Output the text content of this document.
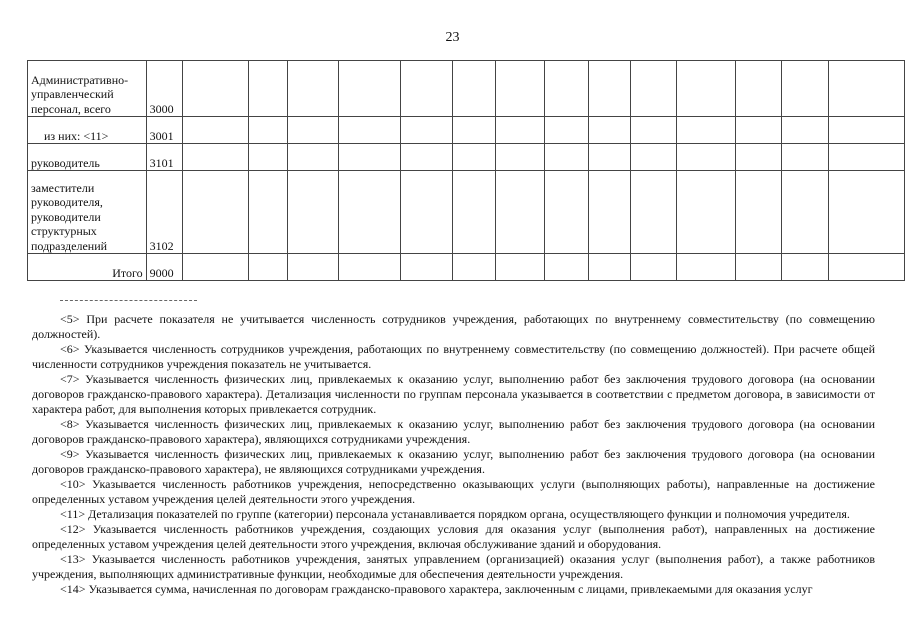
23
Административно-
управленческий
персонал, всего	3000														
из них: <11>	3001														
руководитель	3101														
заместители
руководителя,
руководители
структурных
подразделений	3102														
Итого	9000														

<5> При расчете показателя не учитывается численность сотрудников учреждения, работающих по внутреннему совместительству (по совмещению должностей).

<6> Указывается численность сотрудников учреждения, работающих по внутреннему совместительству (по совмещению должностей). При расчете общей численности сотрудников учреждения показатель не учитывается.

<7> Указывается численность физических лиц, привлекаемых к оказанию услуг, выполнению работ без заключения трудового договора (на основании договоров гражданско-правового характера). Детализация численности по группам персонала указывается в соответствии с предметом договора, в зависимости от характера работ, для выполнения которых привлекается сотрудник.

<8> Указывается численность физических лиц, привлекаемых к оказанию услуг, выполнению работ без заключения трудового договора (на основании договоров гражданско-правового характера), являющихся сотрудниками учреждения.

<9> Указывается численность физических лиц, привлекаемых к оказанию услуг, выполнению работ без заключения трудового договора (на основании договоров гражданско-правового характера), не являющихся сотрудниками учреждения.

<10> Указывается численность работников учреждения, непосредственно оказывающих услуги (выполняющих работы), направленные на достижение определенных уставом учреждения целей деятельности этого учреждения.

<11> Детализация показателей по группе (категории) персонала устанавливается порядком органа, осуществляющего функции и полномочия учредителя.

<12> Указывается численность работников учреждения, создающих условия для оказания услуг (выполнения работ), направленных на достижение определенных уставом учреждения целей деятельности этого учреждения, включая обслуживание зданий и оборудования.

<13> Указывается численность работников учреждения, занятых управлением (организацией) оказания услуг (выполнения работ), а также работников учреждения, выполняющих административные функции, необходимые для обеспечения деятельности учреждения.

<14> Указывается сумма, начисленная по договорам гражданско-правового характера, заключенным с лицами, привлекаемыми для оказания услуг
